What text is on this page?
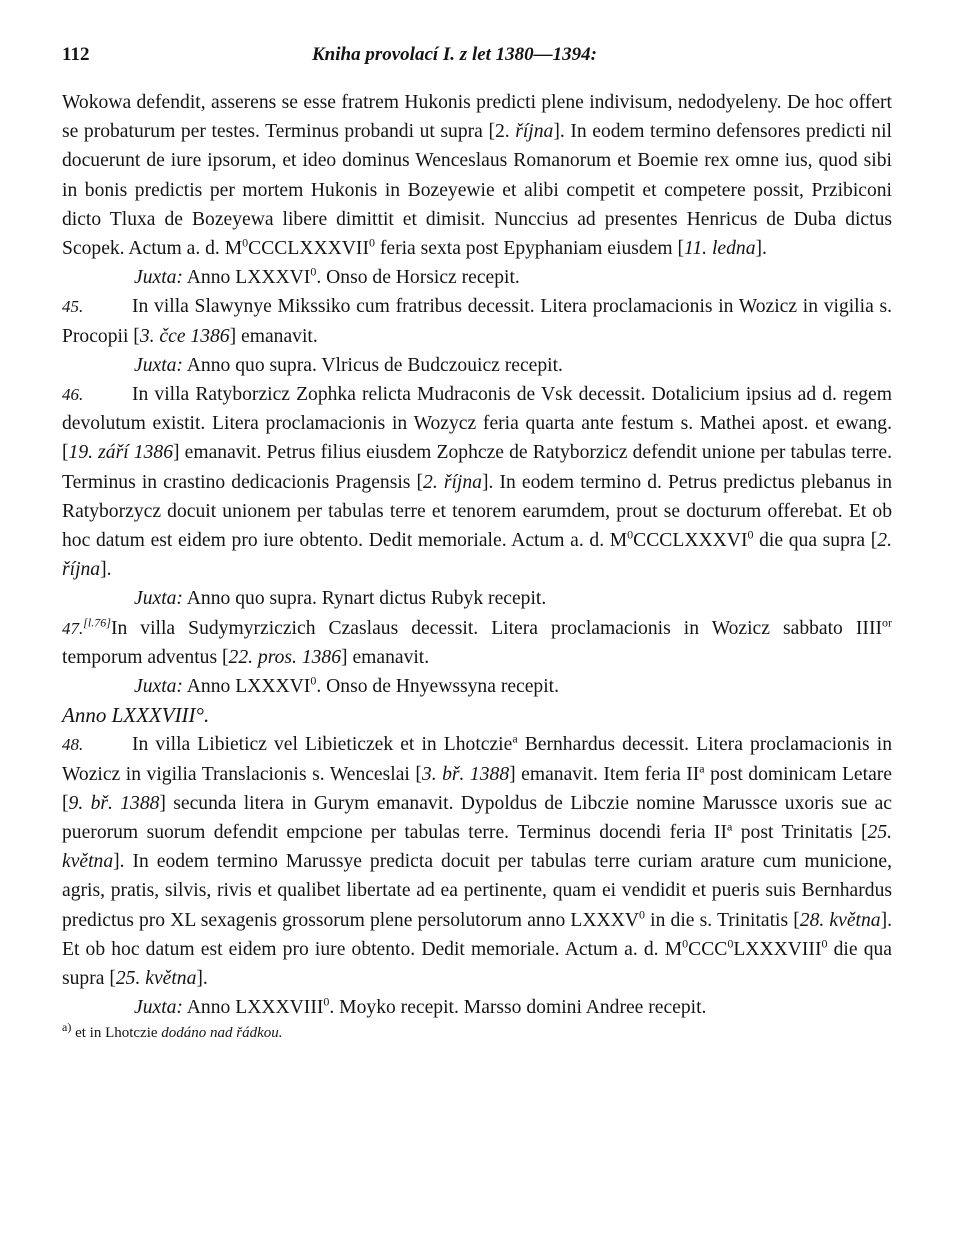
112	Kniha provolací I. z let 1380—1394:

Wokowa defendit, asserens se esse fratrem Hukonis predicti plene indivisum, nedodyeleny. De hoc offert se probaturum per testes. Terminus probandi ut supra [2. října]. In eodem termino defensores predicti nil docuerunt de iure ipsorum, et ideo dominus Wenceslaus Romanorum et Boemie rex omne ius, quod sibi in bonis predictis per mortem Hukonis in Bozeyewie et alibi competit et competere possit, Przibiconi dicto Tluxa de Bozeyewa libere dimittit et dimisit. Nunccius ad presentes Henricus de Duba dictus Scopek. Actum a. d. $M^0CCCLXXXVII^0$ feria sexta post Epyphaniam eiusdem [11. ledna].

Juxta: Anno LXXXVI$^0$. Onso de Horsicz recepit.

45. In villa Slawynye Mikssiko cum fratribus decessit. Litera proclamacionis in Wozicz in vigilia s. Procopii [3. čce 1386] emanavit.

Juxta: Anno quo supra. Vlricus de Budczouicz recepit.

46. In villa Ratyborzicz Zophka relicta Mudraconis de Vsk decessit. Dotalicium ipsius ad d. regem devolutum existit. Litera proclamacionis in Wozycz feria quarta ante festum s. Mathei apost. et ewang. [19. září 1386] emanavit. Petrus filius eiusdem Zophcze de Ratyborzicz defendit unione per tabulas terre. Terminus in crastino dedicacionis Pragensis [2. října]. In eodem termino d. Petrus predictus plebanus in Ratyborzycz docuit unionem per tabulas terre et tenorem earumdem, prout se docturum offerebat. Et ob hoc datum est eidem pro iure obtento. Dedit memoriale. Actum a. d. $M^0CCCLXXXVI^0$ die qua supra [2. října].

Juxta: Anno quo supra. Rynart dictus Rubyk recepit.

47.[l.76]In villa Sudymyrziczich Czaslaus decessit. Litera proclamacionis in Wozicz sabbato $IIII^{or}$ temporum adventus [22. pros. 1386] emanavit.

Juxta: Anno LXXXVI$^0$. Onso de Hnyewssyna recepit.

Anno LXXXVIII°.

48. In villa Libieticz vel Libieticzek et in Lhotczie$^a$ Bernhardus decessit. Litera proclamacionis in Wozicz in vigilia Translacionis s. Wenceslai [3. bř. 1388] emanavit. Item feria $II^a$ post dominicam Letare [9. bř. 1388] secunda litera in Gurym emanavit. Dypoldus de Libczie nomine Marussce uxoris sue ac puerorum suorum defendit empcione per tabulas terre. Terminus docendi feria $II^a$ post Trinitatis [25. května]. In eodem termino Marussye predicta docuit per tabulas terre curiam arature cum municione, agris, pratis, silvis, rivis et qualibet libertate ad ea pertinente, quam ei vendidit et pueris suis Bernhardus predictus pro XL sexagenis grossorum plene persolutorum anno LXXXV$^0$ in die s. Trinitatis [28. května]. Et ob hoc datum est eidem pro iure obtento. Dedit memoriale. Actum a. d. $M^0CCC^0LXXXVIII^0$ die qua supra [25. května].

Juxta: Anno LXXXVIII$^0$. Moyko recepit. Marsso domini Andree recepit.

$^{a)}$ et in Lhotczie dodáno nad řádkou.
